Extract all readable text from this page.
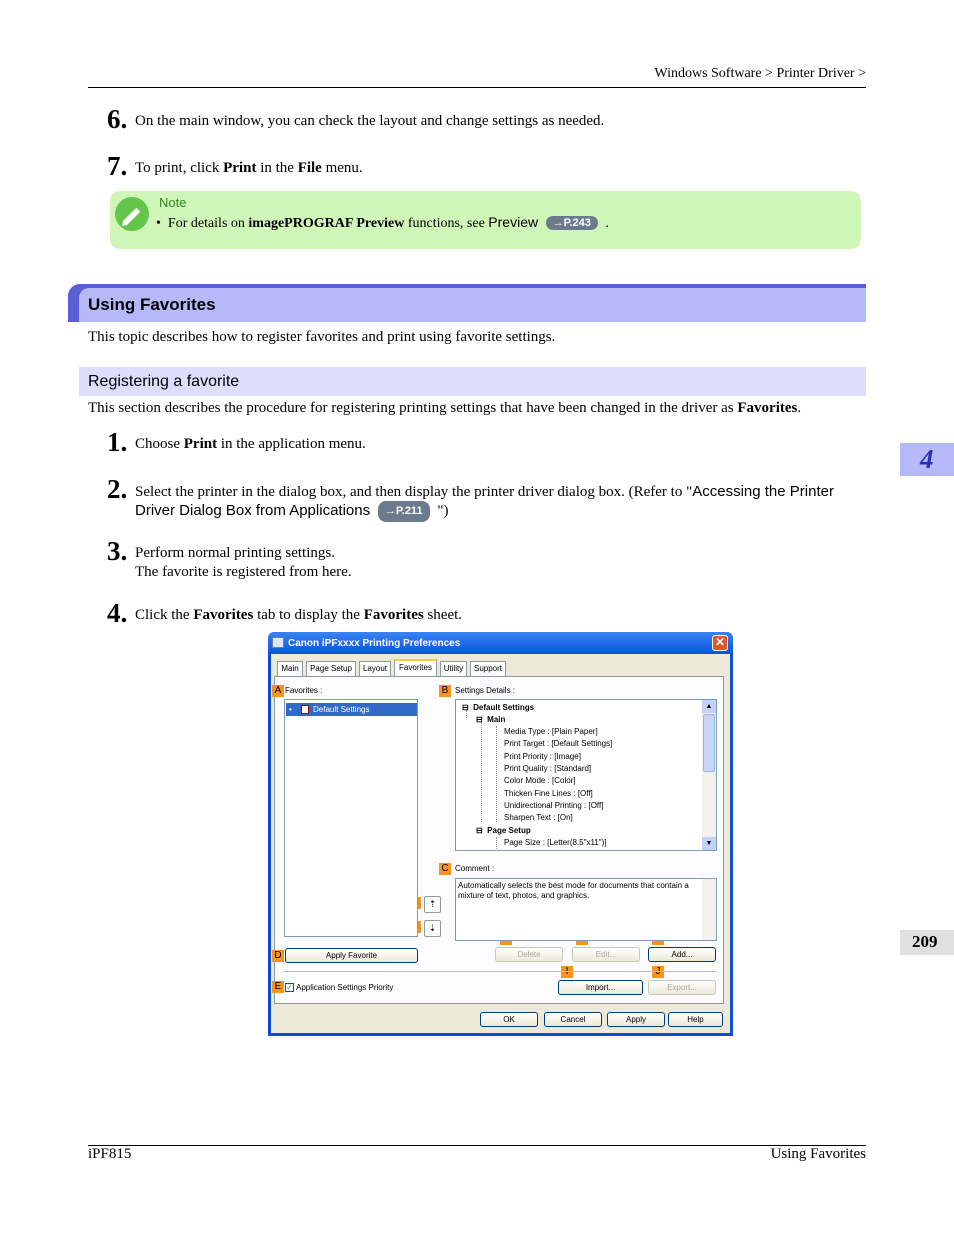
Windows Software > Printer Driver >
6. On the main window, you can check the layout and change settings as needed.
7. To print, click Print in the File menu.
Note
• For details on imagePROGRAF Preview functions, see Preview →P.243 .
Using Favorites
This topic describes how to register favorites and print using favorite settings.
Registering a favorite
This section describes the procedure for registering printing settings that have been changed in the driver as Favorites.
1. Choose Print in the application menu.
2. Select the printer in the dialog box, and then display the printer driver dialog box. (Refer to "Accessing the Printer
Driver Dialog Box from Applications →P.211 ")
3. Perform normal printing settings.
The favorite is registered from here.
4. Click the Favorites tab to display the Favorites sheet.
4
209
Canon iPFxxxx Printing Preferences	✕
Main	Page Setup	Layout	Favorites	Utility	Support
A	B
C
D
E
Favorites :
•	Default Settings
⇡
⇣
Settings Details :
⊟ Default Settings
⊟ Main
Media Type : [Plain Paper]
Print Target : [Default Settings]
Print Priority : [Image]
Print Quality : [Standard]
Color Mode : [Color]
Thicken Fine Lines : [Off]
Unidirectional Printing : [Off]
Sharpen Text : [On]
⊟ Page Setup
Page Size : [Letter(8.5"x11")]
▲
▼
Comment :
Automatically selects the best mode for documents that contain a mixture of text, photos, and graphics.
Apply Favorite	Delete	Edit...	Add...
✓ Application Settings Priority	Import...	Export...
OK	Cancel	Apply	Help
iPF815	Using Favorites
